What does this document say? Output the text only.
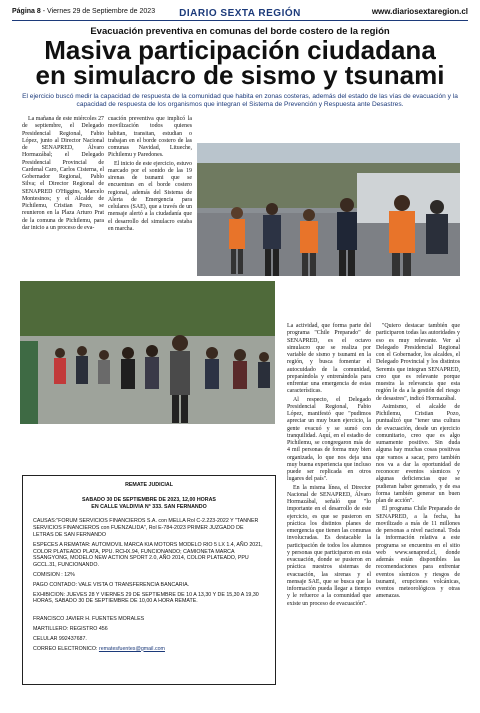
Página 8 - Viernes 29 de Septiembre de 2023	DIARIO SEXTA REGIÓN	www.diariosextaregion.cl
Evacuación preventiva en comunas del borde costero de la región
Masiva participación ciudadana
en simulacro de sismo y tsunami
El ejercicio buscó medir la capacidad de respuesta de la comunidad que habita en zonas costeras, además del estado de las vías de evacuación y la capacidad de respuesta de los organismos que integran el Sistema de Prevención y Respuesta ante Desastres.

La mañana de este miércoles 27 de septiembre, el Delegado Presidencial Regional, Fabio López, junto al Director Nacional de SENAPRED, Álvaro Hormazábal; el Delegado Presidencial Provincial de Cardenal Caro, Carlos Cisterna, el Gobernador Regional, Pablo Silva; el Director Regional de SENAPRED O'Higgins, Marcelo Montesinos; y el Alcalde de Pichilemu, Cristian Pozo, se reunieron en la Plaza Arturo Prat de la comuna de Pichilemu, para dar inicio a un proceso de eva-

cuación preventiva que implicó la movilización todos quienes habitan, transitan, estudian o trabajan en el borde costero de las comunas Navidad, Litueche, Pichilemu y Paredones.

El inicio de este ejercicio, estuvo marcado por el sonido de las 19 sirenas de tsunami que se encuentran en el borde costero regional, además del Sistema de Alerta de Emergencia para celulares (SAE), que a través de un mensaje alertó a la ciudadanía que el desarrollo del simulacro estaba en marcha.

La actividad, que forma parte del programa "Chile Preparado" de SENAPRED, es el octavo simulacro que se realiza por variable de sismo y tsunami en la región, y busca fomentar el autocuidado de la comunidad, preparándola y entrenándola para enfrentar una emergencia de estas características.

Al respecto, el Delegado Presidencial Regional, Fabio López, manifestó que "pudimos apreciar un muy buen ejercicio, la gente evacuó y se sumó con tranquilidad. Aquí, en el estadio de Pichilemu, se congregaron más de 4 mil personas de forma muy bien organizada, lo que nos deja una muy buena experiencia que incluso puede ser replicada en otros lugares del país".

En la misma línea, el Director Nacional de SENAPRED, Álvaro Hormazábal, señaló que "lo importante en el desarrollo de este ejercicio, es que se pusieron en práctica los distintos planes de emergencia que tienen las comunas involucradas. Es destacable la participación de todos los alumnos y personas que participaron en esta evacuación, donde se pusieron en práctica nuestros sistemas de evacuación, las sirenas y el mensaje SAE, que se busca que la información pueda llegar a tiempo y le refuerce a la comunidad que existe un proceso de evacuación".

"Quiero destacar también que participaron todas las autoridades y eso es muy relevante. Ver al Delegado Presidencial Regional con el Gobernador, los alcaldes, el Delegado Provincial y los distintos Seremis que integran SENAPRED, creo que es relevante porque muestra la relevancia que esta región le da a la gestión del riesgo de desastres", indicó Hormazábal.

Asimismo, el alcalde de Pichilemu, Cristian Pozo, puntualizó que "tener una cultura de evacuación, desde un ejercicio comunitario, creo que es algo sumamente positivo. Sin duda alguna hay muchas cosas positivas que vamos a sacar, pero también nos va a dar la oportunidad de reconocer eventos sísmicos y algunas deficiencias que se pudieran haber generado, y de esa forma también generar un buen plan de acción".

El programa Chile Preparado de SENAPRED, a la fecha, ha movilizado a más de 11 millones de personas a nivel nacional. Toda la información relativa a este programa se encuentra en el sitio web www.senapred.cl, donde además están disponibles las recomendaciones para enfrentar eventos sísmicos y riesgos de tsunami, erupciones volcánicas, eventos meteorológicos y otras amenazas.

REMATE JUDICIAL
SABADO 30 DE SEPTIEMBRE DE 2023, 12,00 HORAS
EN CALLE VALDIVIA N° 333. SAN FERNANDO

CAUSAS:"FORUM SERVICIOS FINANCIEROS S.A. con MELLA Rol C-2.223-2022 Y "TANNER SERVICIOS FINANCIEROS con FUENZALIDA", Rol E-784-2023 PRIMER JUZGADO DE LETRAS DE SAN FERNANDO

ESPECES A REMATAR: AUTOMOVIL MARCA KIA MOTORS MODELO RIO 5 LX 1.4, AÑO 2021, COLOR PLATEADO PLATA, PPU. RCHX.94, FUNCIONANDO; CAMIONETA MARCA SSANGYONG, MODELO NEW ACTION SPORT 2.0, AÑO 2014, COLOR PLATEADO, PPU GCCL.31, FUNCIONANDO.

COMISION : 12%

PAGO CONTADO: VALE VISTA O TRANSFERENCIA BANCARIA.

EXHIBICION: JUEVES 28 Y VIERNES 29 DE SEPTIEMBRE DE 10 A 13,30 Y DE 15,30 A 19,30 HORAS, SABADO 30 DE SEPTIEMBRE DE 10,00 A HORA REMATE.

FRANCISCO JAVIER H. FUENTES MORALES

MARTILLERO: REGISTRO 456

CELULAR 992437687.

CORREO ELECTRONICO: rematesfuentes@gmail.com
